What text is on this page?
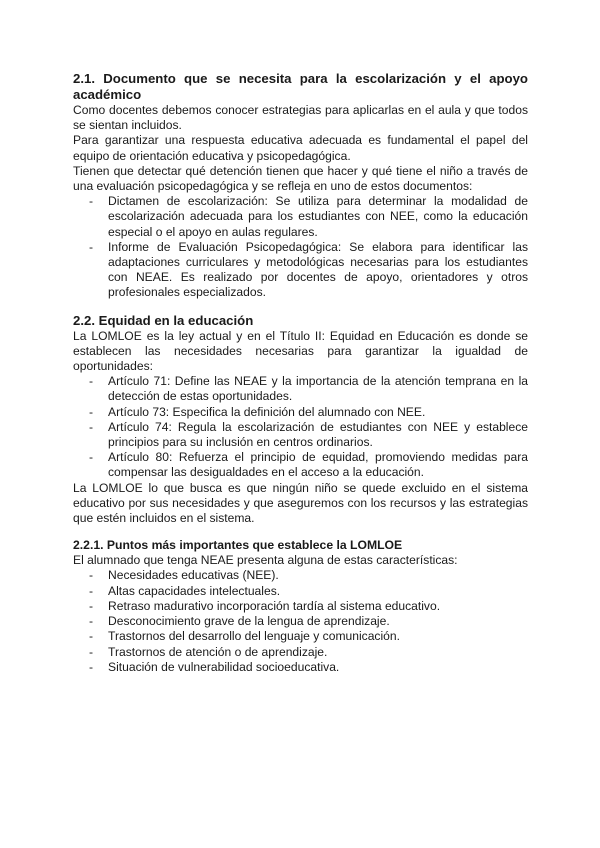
2.1. Documento que se necesita para la escolarización y el apoyo académico

Como docentes debemos conocer estrategias para aplicarlas en el aula y que todos se sientan incluidos.

Para garantizar una respuesta educativa adecuada es fundamental el papel del equipo de orientación educativa y psicopedagógica.

Tienen que detectar qué detención tienen que hacer y qué tiene el niño a través de una evaluación psicopedagógica y se refleja en uno de estos documentos:

- Dictamen de escolarización: Se utiliza para determinar la modalidad de escolarización adecuada para los estudiantes con NEE, como la educación especial o el apoyo en aulas regulares.
- Informe de Evaluación Psicopedagógica: Se elabora para identificar las adaptaciones curriculares y metodológicas necesarias para los estudiantes con NEAE. Es realizado por docentes de apoyo, orientadores y otros profesionales especializados.
2.2. Equidad en la educación

La LOMLOE es la ley actual y en el Título II: Equidad en Educación es donde se establecen las necesidades necesarias para garantizar la igualdad de oportunidades:

- Artículo 71: Define las NEAE y la importancia de la atención temprana en la detección de estas oportunidades.
- Artículo 73: Especifica la definición del alumnado con NEE.
- Artículo 74: Regula la escolarización de estudiantes con NEE y establece principios para su inclusión en centros ordinarios.
- Artículo 80: Refuerza el principio de equidad, promoviendo medidas para compensar las desigualdades en el acceso a la educación.

La LOMLOE lo que busca es que ningún niño se quede excluido en el sistema educativo por sus necesidades y que aseguremos con los recursos y las estrategias que estén incluidos en el sistema.

2.2.1. Puntos más importantes que establece la LOMLOE

El alumnado que tenga NEAE presenta alguna de estas características:

- Necesidades educativas (NEE).
- Altas capacidades intelectuales.
- Retraso madurativo incorporación tardía al sistema educativo.
- Desconocimiento grave de la lengua de aprendizaje.
- Trastornos del desarrollo del lenguaje y comunicación.
- Trastornos de atención o de aprendizaje.
- Situación de vulnerabilidad socioeducativa.
